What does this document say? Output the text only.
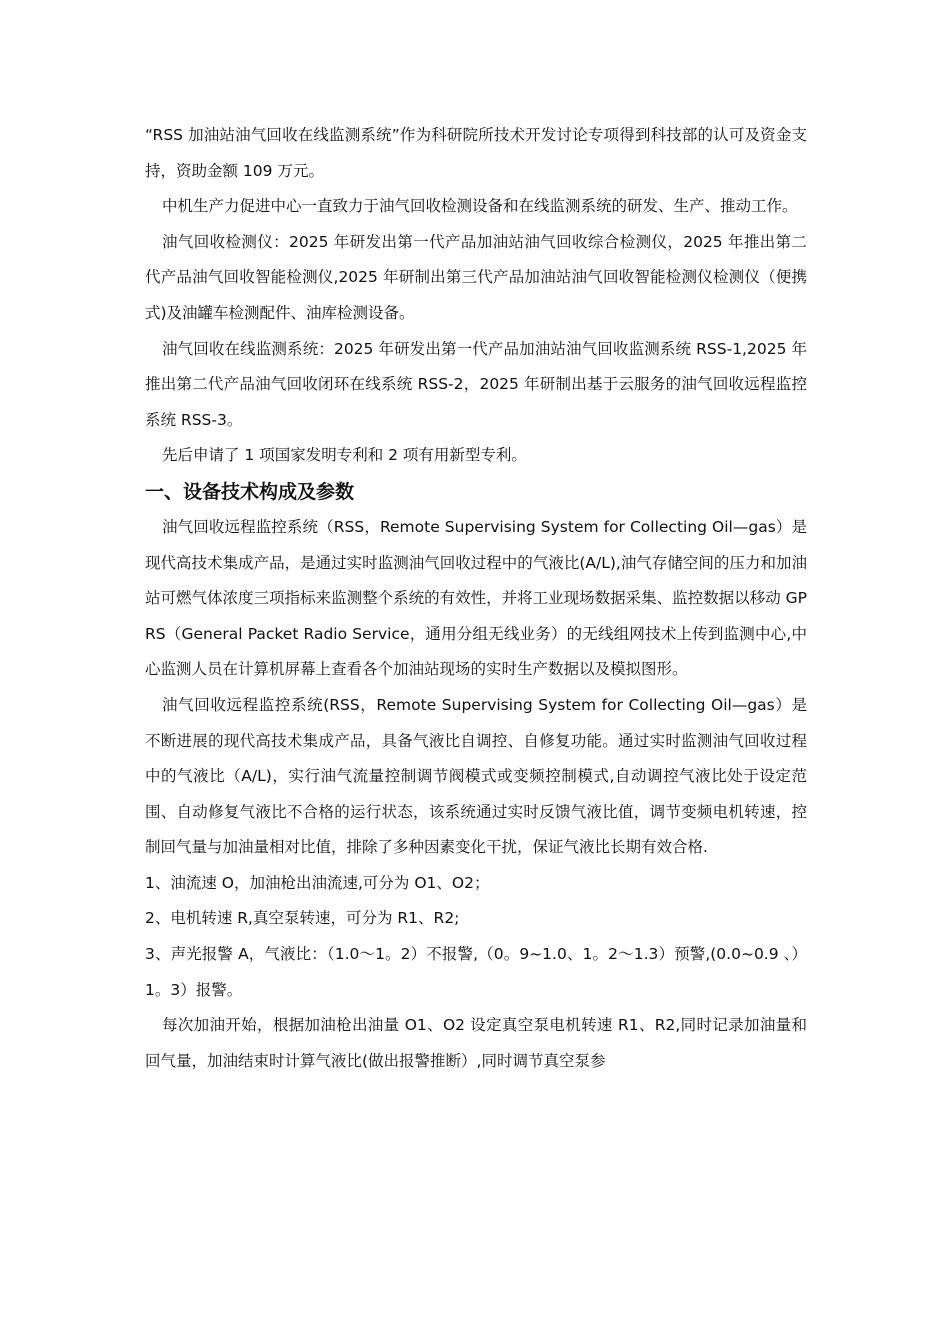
“RSS 加油站油气回收在线监测系统”作为科研院所技术开发讨论专项得到科技部的认可及资金支持，资助金额 109 万元。

中机生产力促进中心一直致力于油气回收检测设备和在线监测系统的研发、生产、推动工作。

油气回收检测仪：2025 年研发出第一代产品加油站油气回收综合检测仪，2025 年推出第二代产品油气回收智能检测仪,2025 年研制出第三代产品加油站油气回收智能检测仪检测仪（便携式)及油罐车检测配件、油库检测设备。

油气回收在线监测系统：2025 年研发出第一代产品加油站油气回收监测系统 RSS-1,2025 年推出第二代产品油气回收闭环在线系统 RSS-2，2025 年研制出基于云服务的油气回收远程监控系统 RSS-3。

先后申请了 1 项国家发明专利和 2 项有用新型专利。

一、设备技术构成及参数

油气回收远程监控系统（RSS，Remote Supervising System for Collecting Oil—gas）是现代高技术集成产品，是通过实时监测油气回收过程中的气液比(A/L),油气存储空间的压力和加油站可燃气体浓度三项指标来监测整个系统的有效性，并将工业现场数据采集、监控数据以移动 GPRS（General Packet Radio Service，通用分组无线业务）的无线组网技术上传到监测中心,中心监测人员在计算机屏幕上查看各个加油站现场的实时生产数据以及模拟图形。

油气回收远程监控系统(RSS，Remote Supervising System for Collecting Oil—gas）是不断进展的现代高技术集成产品，具备气液比自调控、自修复功能。通过实时监测油气回收过程中的气液比（A/L)，实行油气流量控制调节阀模式或变频控制模式,自动调控气液比处于设定范围、自动修复气液比不合格的运行状态，该系统通过实时反馈气液比值，调节变频电机转速，控制回气量与加油量相对比值，排除了多种因素变化干扰，保证气液比长期有效合格.

1、油流速 O，加油枪出油流速,可分为 O1、O2；

2、电机转速 R,真空泵转速，可分为 R1、R2;

3、声光报警 A，气液比：（1.0～1。2）不报警,（0。9~1.0、1。2～1.3）预警,(0.0~0.9 、）1。3）报警。

每次加油开始，根据加油枪出油量 O1、O2 设定真空泵电机转速 R1、R2,同时记录加油量和回气量，加油结束时计算气液比(做出报警推断）,同时调节真空泵参
